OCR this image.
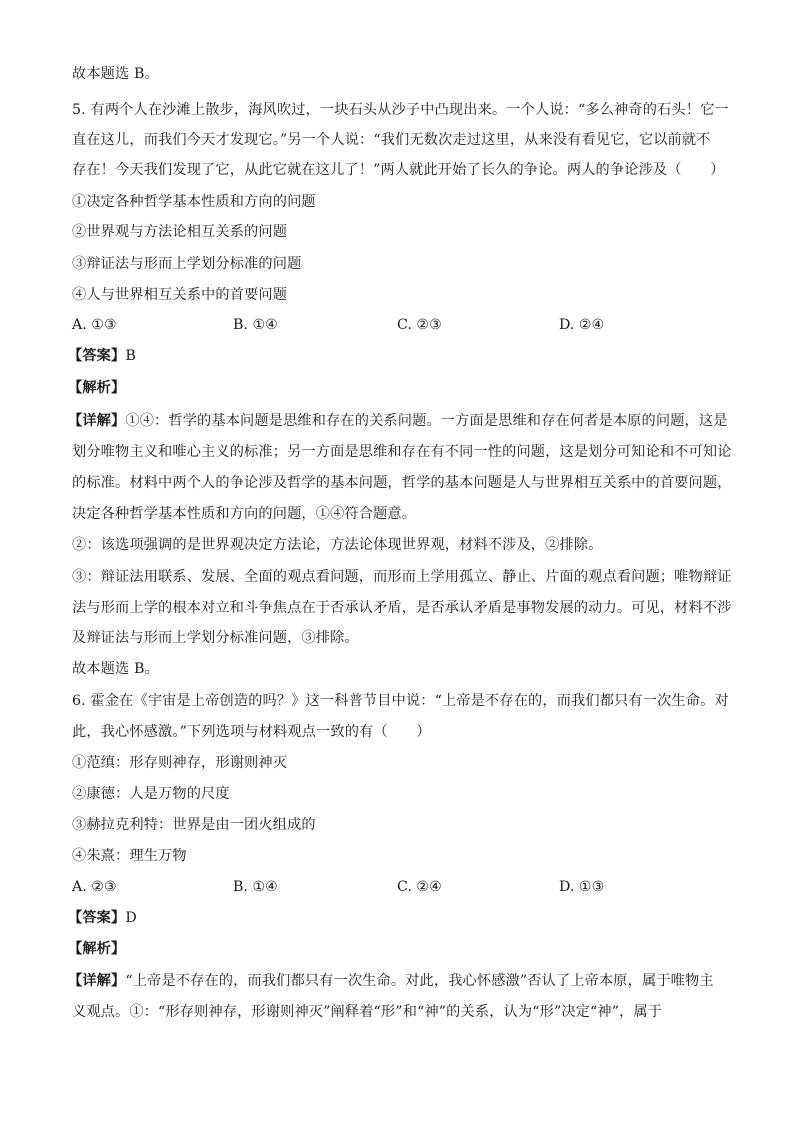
故本题选 B。
5. 有两个人在沙滩上散步，海风吹过，一块石头从沙子中凸现出来。一个人说：“多么神奇的石头！它一
直在这儿，而我们今天才发现它。”另一个人说：“我们无数次走过这里，从来没有看见它，它以前就不
存在！今天我们发现了它，从此它就在这儿了！”两人就此开始了长久的争论。两人的争论涉及（　　）
①决定各种哲学基本性质和方向的问题
②世界观与方法论相互关系的问题
③辩证法与形而上学划分标准的问题
④人与世界相互关系中的首要问题
A. ①③	B. ①④	C. ②③	D. ②④
【答案】B
【解析】
【详解】①④：哲学的基本问题是思维和存在的关系问题。一方面是思维和存在何者是本原的问题，这是
划分唯物主义和唯心主义的标准；另一方面是思维和存在有不同一性的问题，这是划分可知论和不可知论
的标准。材料中两个人的争论涉及哲学的基本问题，哲学的基本问题是人与世界相互关系中的首要问题，
决定各种哲学基本性质和方向的问题，①④符合题意。
②：该选项强调的是世界观决定方法论，方法论体现世界观，材料不涉及，②排除。
③：辩证法用联系、发展、全面的观点看问题，而形而上学用孤立、静止、片面的观点看问题；唯物辩证
法与形而上学的根本对立和斗争焦点在于否承认矛盾，是否承认矛盾是事物发展的动力。可见，材料不涉
及辩证法与形而上学划分标准问题，③排除。
故本题选 B。
6. 霍金在《宇宙是上帝创造的吗？》这一科普节目中说：“上帝是不存在的，而我们都只有一次生命。对
此，我心怀感激。”下列选项与材料观点一致的有（　　）
①范缜：形存则神存，形谢则神灭
②康德：人是万物的尺度
③赫拉克利特：世界是由一团火组成的
④朱熹：理生万物
A. ②③	B. ①④	C. ②④	D. ①③
【答案】D
【解析】
【详解】“上帝是不存在的，而我们都只有一次生命。对此，我心怀感激”否认了上帝本原，属于唯物主
义观点。①：“形存则神存，形谢则神灭”阐释着“形”和“神”的关系，认为“形”决定“神”，属于
